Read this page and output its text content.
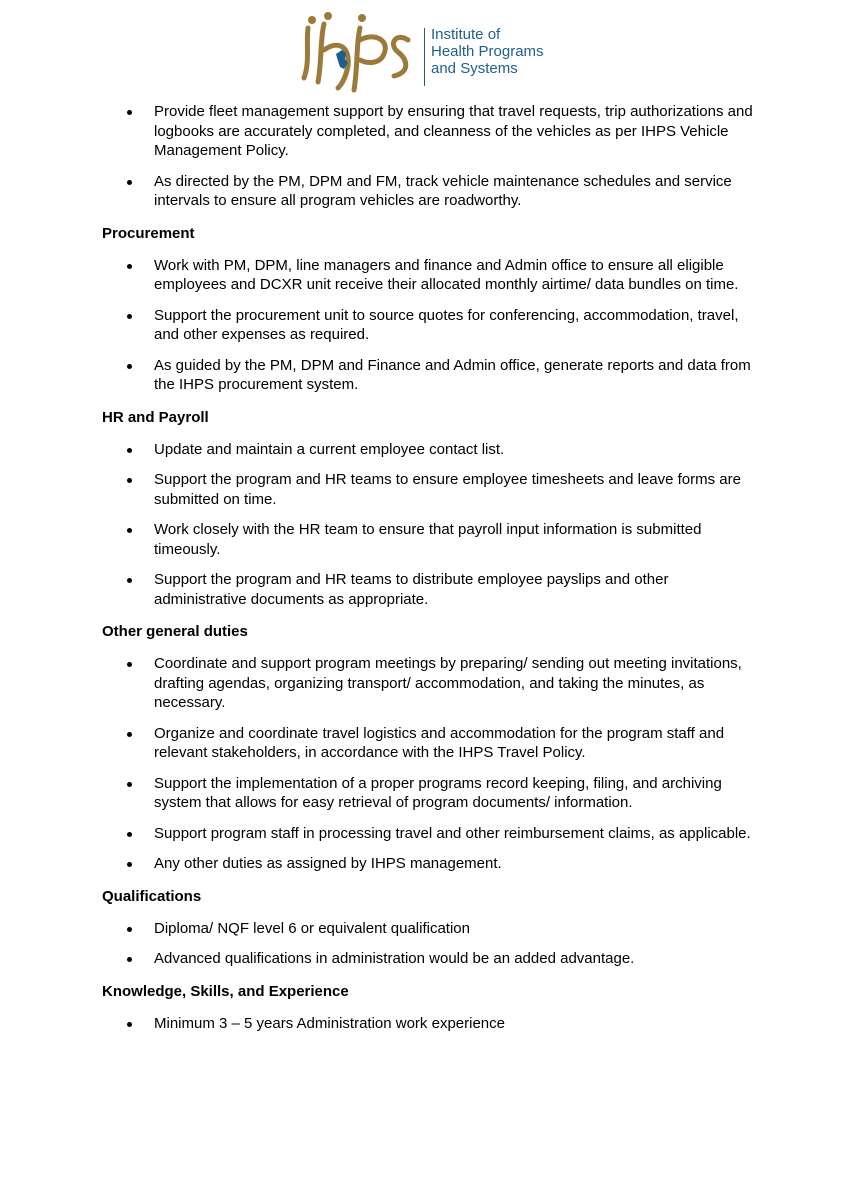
Institute of
Health Programs
and Systems
Provide fleet management support by ensuring that travel requests, trip authorizations and logbooks are accurately completed, and cleanness of the vehicles as per IHPS Vehicle Management Policy.
As directed by the PM, DPM and FM, track vehicle maintenance schedules and service intervals to ensure all program vehicles are roadworthy.
Procurement
Work with PM, DPM, line managers and finance and Admin office to ensure all eligible employees and DCXR unit receive their allocated monthly airtime/ data bundles on time.
Support the procurement unit to source quotes for conferencing, accommodation, travel, and other expenses as required.
As guided by the PM, DPM and Finance and Admin office, generate reports and data from the IHPS procurement system.
HR and Payroll
Update and maintain a current employee contact list.
Support the program and HR teams to ensure employee timesheets and leave forms are submitted on time.
Work closely with the HR team to ensure that payroll input information is submitted timeously.
Support the program and HR teams to distribute employee payslips and other administrative documents as appropriate.
Other general duties
Coordinate and support program meetings by preparing/ sending out meeting invitations, drafting agendas, organizing transport/ accommodation, and taking the minutes, as necessary.
Organize and coordinate travel logistics and accommodation for the program staff and relevant stakeholders, in accordance with the IHPS Travel Policy.
Support the implementation of a proper programs record keeping, filing, and archiving system that allows for easy retrieval of program documents/ information.
Support program staff in processing travel and other reimbursement claims, as applicable.
Any other duties as assigned by IHPS management.
Qualifications
Diploma/ NQF level 6 or equivalent qualification
Advanced qualifications in administration would be an added advantage.
Knowledge, Skills, and Experience
Minimum 3 – 5 years Administration work experience
